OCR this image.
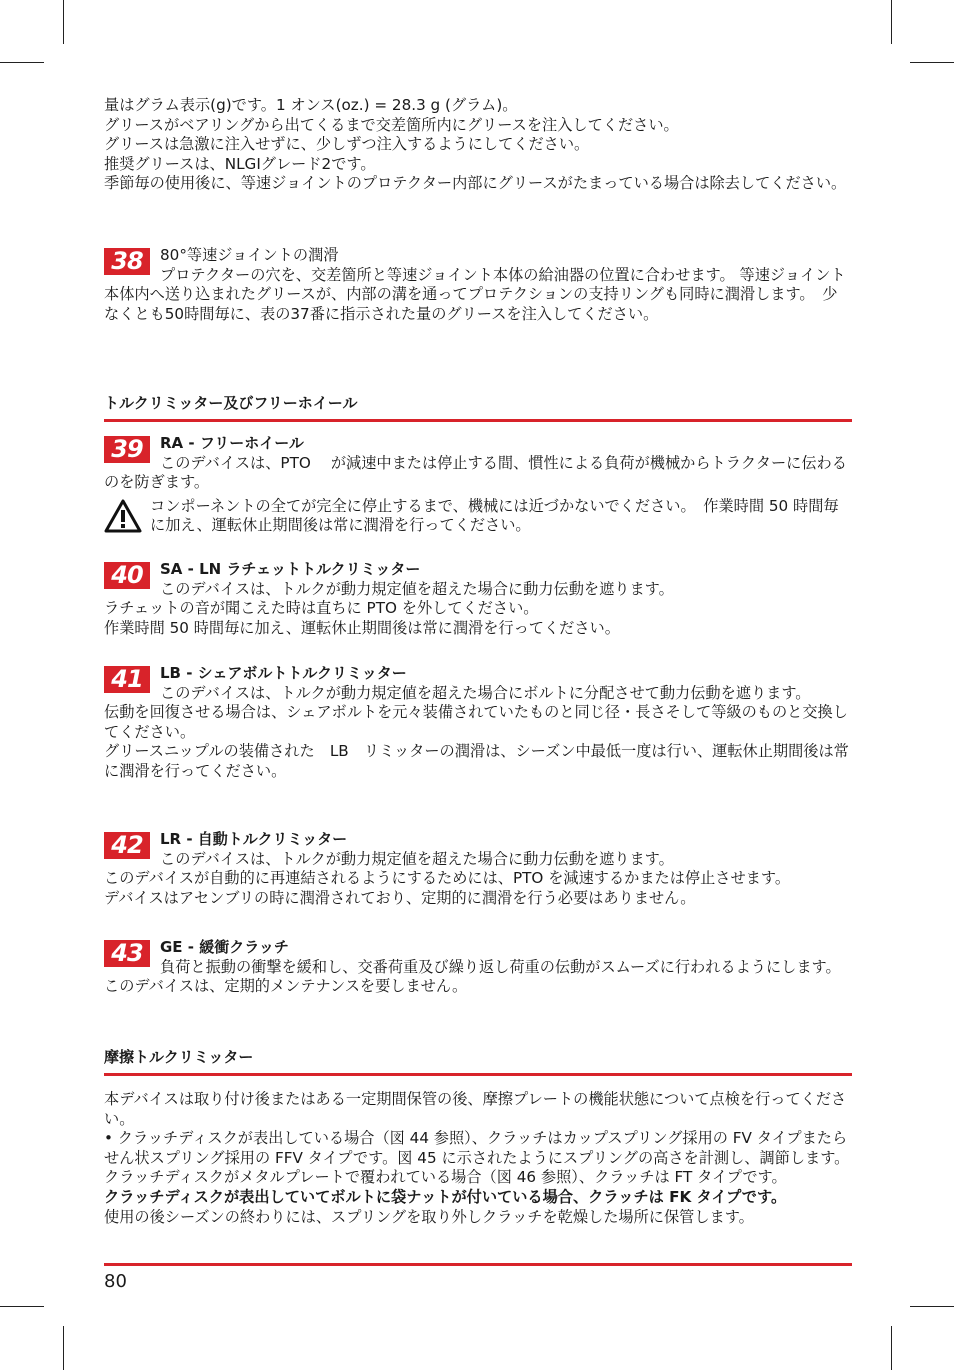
量はグラム表示(g)です。1 オンス(oz.) = 28.3 g (グラム)。

グリースがベアリングから出てくるまで交差箇所内にグリースを注入してください。

グリースは急激に注入せずに、少しずつ注入するようにしてください。

推奨グリースは、NLGIグレード2です。

季節毎の使用後に、等速ジョイントのプロテクター内部にグリースがたまっている場合は除去してください。

38	80°等速ジョイントの潤滑

プロテクターの穴を、交差箇所と等速ジョイント本体の給油器の位置に合わせます。 等速ジョイント本体内へ送り込まれたグリースが、内部の溝を通ってプロテクションの支持リングも同時に潤滑します。　少なくとも50時間毎に、表の37番に指示された量のグリースを注入してください。

トルクリミッター及びフリーホイール
39	RA - フリーホイール

このデバイスは、PTO　 が減速中または停止する間、慣性による負荷が機械からトラクターに伝わるのを防ぎます。

コンポーネントの全てが完全に停止するまで、機械には近づかないでください。　作業時間 50 時間毎に加え、運転休止期間後は常に潤滑を行ってください。

40	SA - LN ラチェットトルクリミッター

このデバイスは、トルクが動力規定値を超えた場合に動力伝動を遮ります。

ラチェットの音が聞こえた時は直ちに PTO を外してください。

作業時間 50 時間毎に加え、運転休止期間後は常に潤滑を行ってください。

41	LB - シェアボルトトルクリミッター

このデバイスは、トルクが動力規定値を超えた場合にボルトに分配させて動力伝動を遮ります。

伝動を回復させる場合は、シェアボルトを元々装備されていたものと同じ径・長さそして等級のものと交換してください。

グリースニップルの装備された　LB　リミッターの潤滑は、シーズン中最低一度は行い、運転休止期間後は常に潤滑を行ってください。

42	LR - 自動トルクリミッター

このデバイスは、トルクが動力規定値を超えた場合に動力伝動を遮ります。

このデバイスが自動的に再連結されるようにするためには、PTO を減速するかまたは停止させます。

デバイスはアセンブリの時に潤滑されており、定期的に潤滑を行う必要はありません。

43	GE - 緩衝クラッチ

負荷と振動の衝撃を緩和し、交番荷重及び繰り返し荷重の伝動がスムーズに行われるようにします。

このデバイスは、定期的メンテナンスを要しません。

摩擦トルクリミッター

本デバイスは取り付け後またはある一定期間保管の後、摩擦プレートの機能状態について点検を行ってください。

• クラッチディスクが表出している場合（図 44 参照）、クラッチはカップスプリング採用の FV タイプまたらせん状スプリング採用の FFV タイプです。図 45 に示されたようにスプリングの高さを計測し、調節します。クラッチディスクがメタルプレートで覆われている場合（図 46 参照）、クラッチは FT タイプです。

クラッチディスクが表出していてボルトに袋ナットが付いている場合、クラッチは FK タイプです。

使用の後シーズンの終わりには、スプリングを取り外しクラッチを乾燥した場所に保管します。

80
